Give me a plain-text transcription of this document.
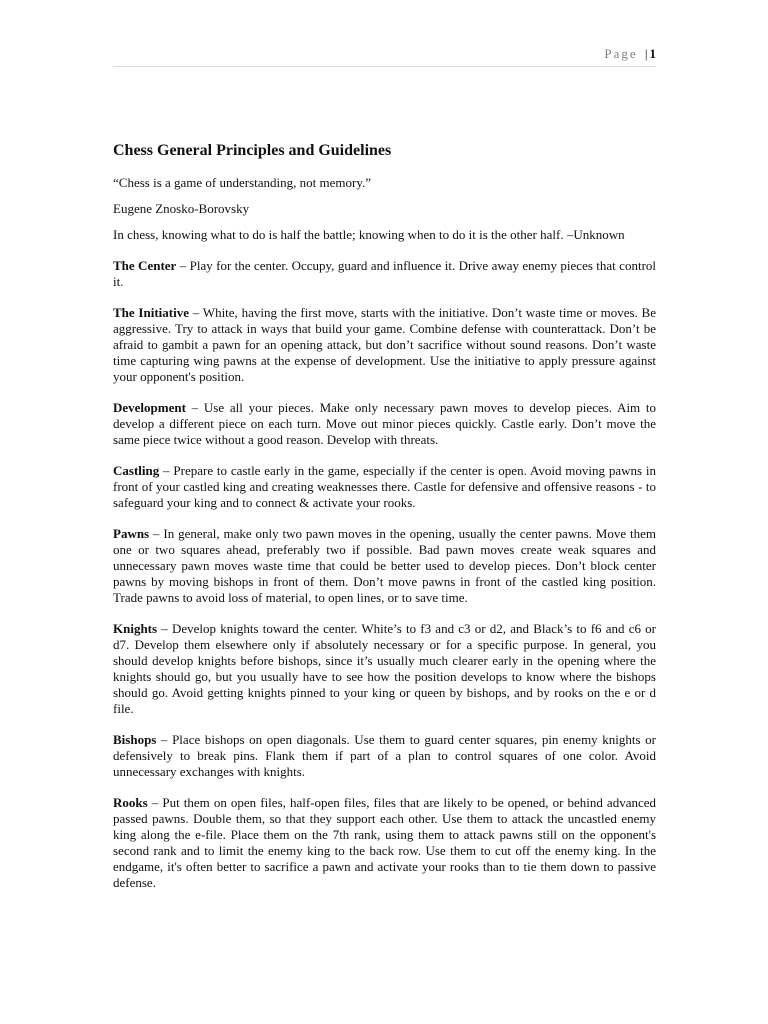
Page | 1
Chess General Principles and Guidelines

“Chess is a game of understanding, not memory.”

Eugene Znosko-Borovsky

In chess, knowing what to do is half the battle; knowing when to do it is the other half. –Unknown

The Center – Play for the center. Occupy, guard and influence it. Drive away enemy pieces that control it.

The Initiative – White, having the first move, starts with the initiative. Don’t waste time or moves. Be aggressive. Try to attack in ways that build your game. Combine defense with counterattack. Don’t be afraid to gambit a pawn for an opening attack, but don’t sacrifice without sound reasons. Don’t waste time capturing wing pawns at the expense of development. Use the initiative to apply pressure against your opponent's position.

Development – Use all your pieces. Make only necessary pawn moves to develop pieces. Aim to develop a different piece on each turn. Move out minor pieces quickly. Castle early. Don’t move the same piece twice without a good reason. Develop with threats.

Castling – Prepare to castle early in the game, especially if the center is open. Avoid moving pawns in front of your castled king and creating weaknesses there. Castle for defensive and offensive reasons - to safeguard your king and to connect & activate your rooks.

Pawns – In general, make only two pawn moves in the opening, usually the center pawns. Move them one or two squares ahead, preferably two if possible. Bad pawn moves create weak squares and unnecessary pawn moves waste time that could be better used to develop pieces. Don’t block center pawns by moving bishops in front of them. Don’t move pawns in front of the castled king position. Trade pawns to avoid loss of material, to open lines, or to save time.

Knights – Develop knights toward the center. White’s to f3 and c3 or d2, and Black’s to f6 and c6 or d7. Develop them elsewhere only if absolutely necessary or for a specific purpose. In general, you should develop knights before bishops, since it’s usually much clearer early in the opening where the knights should go, but you usually have to see how the position develops to know where the bishops should go. Avoid getting knights pinned to your king or queen by bishops, and by rooks on the e or d file.

Bishops – Place bishops on open diagonals. Use them to guard center squares, pin enemy knights or defensively to break pins. Flank them if part of a plan to control squares of one color. Avoid unnecessary exchanges with knights.

Rooks – Put them on open files, half-open files, files that are likely to be opened, or behind advanced passed pawns. Double them, so that they support each other. Use them to attack the uncastled enemy king along the e-file. Place them on the 7th rank, using them to attack pawns still on the opponent's second rank and to limit the enemy king to the back row. Use them to cut off the enemy king. In the endgame, it's often better to sacrifice a pawn and activate your rooks than to tie them down to passive defense.
